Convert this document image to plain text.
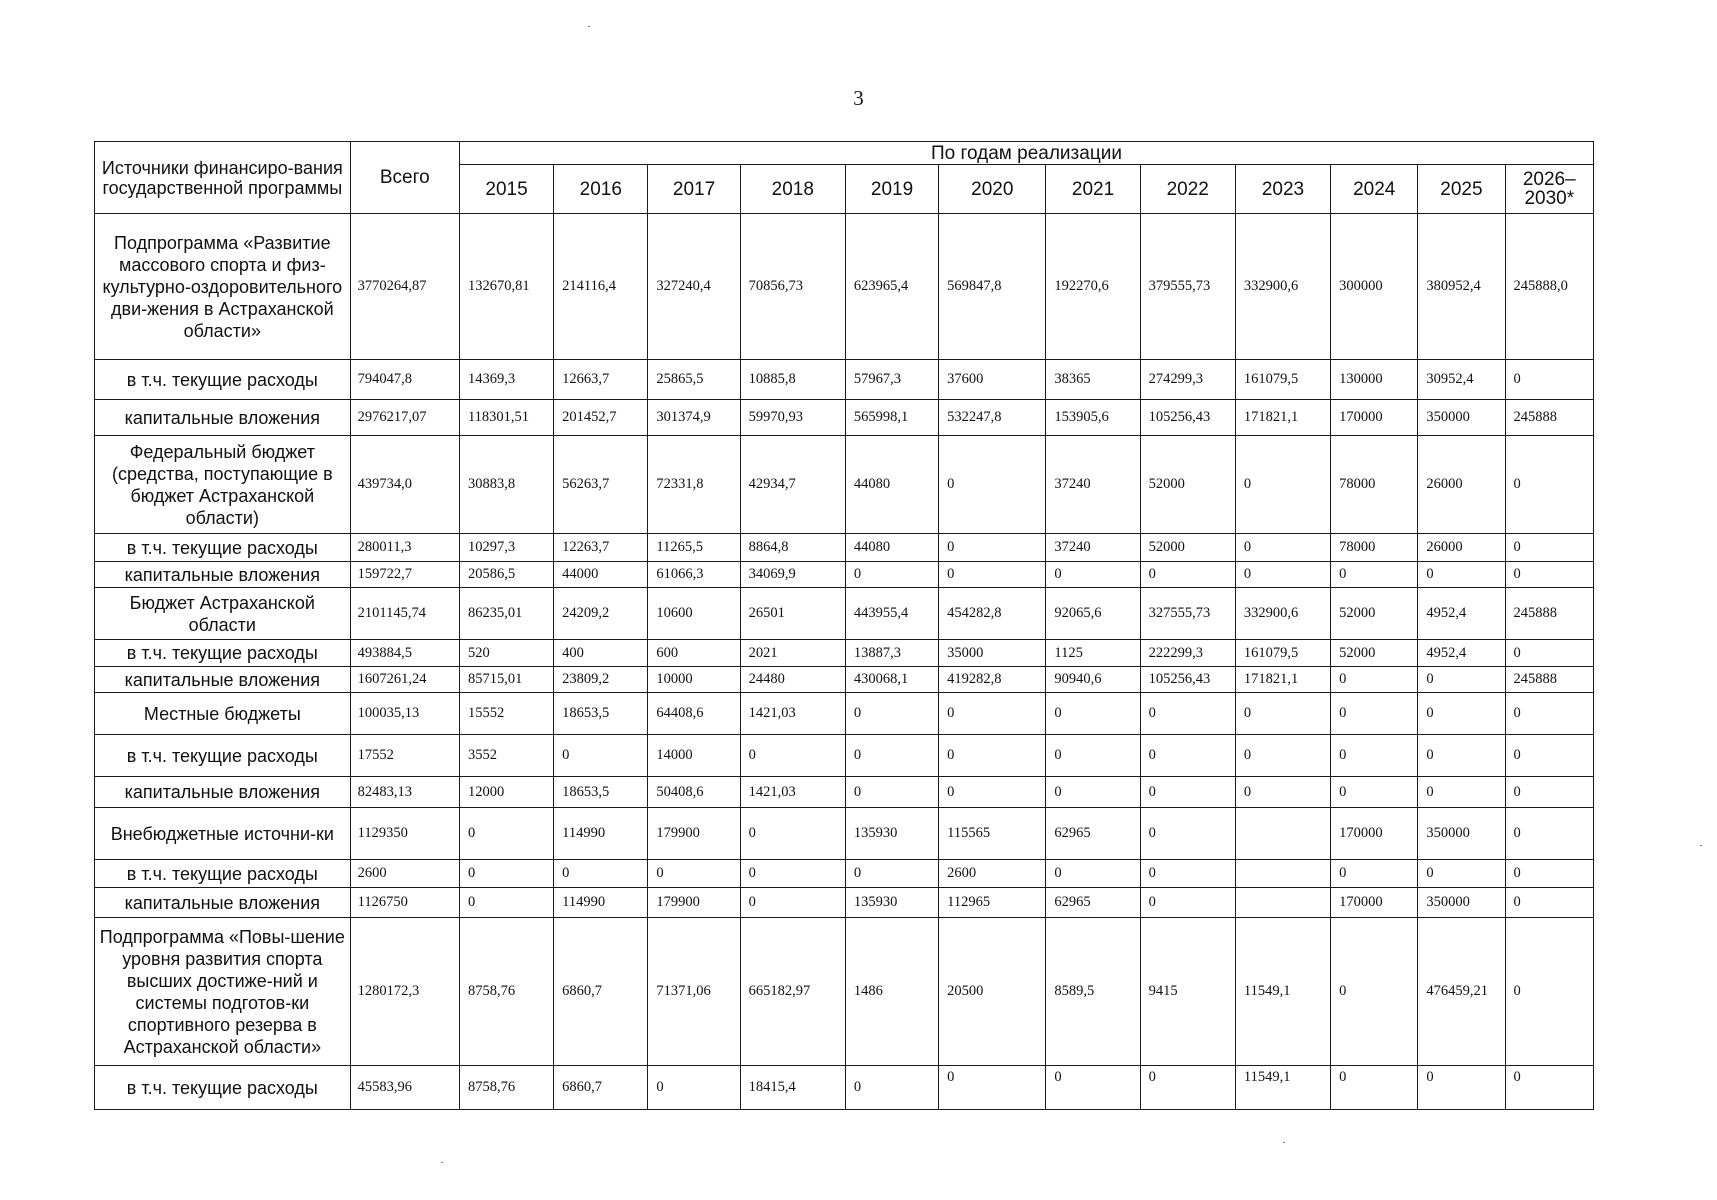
3
Источники финансиро-вания государственной программы	Всего	По годам реализации											
		2015	2016	2017	2018	2019	2020	2021	2022	2023	2024	2025	2026–2030*
Подпрограмма «Развитие массового спорта и физ-культурно-оздоровительного дви-жения в Астраханской области»	3770264,87	132670,81	214116,4	327240,4	70856,73	623965,4	569847,8	192270,6	379555,73	332900,6	300000	380952,4	245888,0
в т.ч. текущие расходы	794047,8	14369,3	12663,7	25865,5	10885,8	57967,3	37600	38365	274299,3	161079,5	130000	30952,4	0
капитальные вложения	2976217,07	118301,51	201452,7	301374,9	59970,93	565998,1	532247,8	153905,6	105256,43	171821,1	170000	350000	245888
Федеральный бюджет (средства, поступающие в бюджет Астраханской области)	439734,0	30883,8	56263,7	72331,8	42934,7	44080	0	37240	52000	0	78000	26000	0
в т.ч. текущие расходы	280011,3	10297,3	12263,7	11265,5	8864,8	44080	0	37240	52000	0	78000	26000	0
капитальные вложения	159722,7	20586,5	44000	61066,3	34069,9	0	0	0	0	0	0	0	0
Бюджет Астраханской области	2101145,74	86235,01	24209,2	10600	26501	443955,4	454282,8	92065,6	327555,73	332900,6	52000	4952,4	245888
в т.ч. текущие расходы	493884,5	520	400	600	2021	13887,3	35000	1125	222299,3	161079,5	52000	4952,4	0
капитальные вложения	1607261,24	85715,01	23809,2	10000	24480	430068,1	419282,8	90940,6	105256,43	171821,1	0	0	245888
Местные бюджеты	100035,13	15552	18653,5	64408,6	1421,03	0	0	0	0	0	0	0	0
в т.ч. текущие расходы	17552	3552	0	14000	0	0	0	0	0	0	0	0	0
капитальные вложения	82483,13	12000	18653,5	50408,6	1421,03	0	0	0	0	0	0	0	0
Внебюджетные источни-ки	1129350	0	114990	179900	0	135930	115565	62965	0		170000	350000	0
в т.ч. текущие расходы	2600	0	0	0	0	0	2600	0	0		0	0	0
капитальные вложения	1126750	0	114990	179900	0	135930	112965	62965	0		170000	350000	0
Подпрограмма «Повы-шение уровня развития спорта высших достиже-ний и системы подготов-ки спортивного резерва в Астраханской области»	1280172,3	8758,76	6860,7	71371,06	665182,97	1486	20500	8589,5	9415	11549,1	0	476459,21	0
в т.ч. текущие расходы	45583,96	8758,76	6860,7	0	18415,4	0	0	0	0	11549,1	0	0	0
